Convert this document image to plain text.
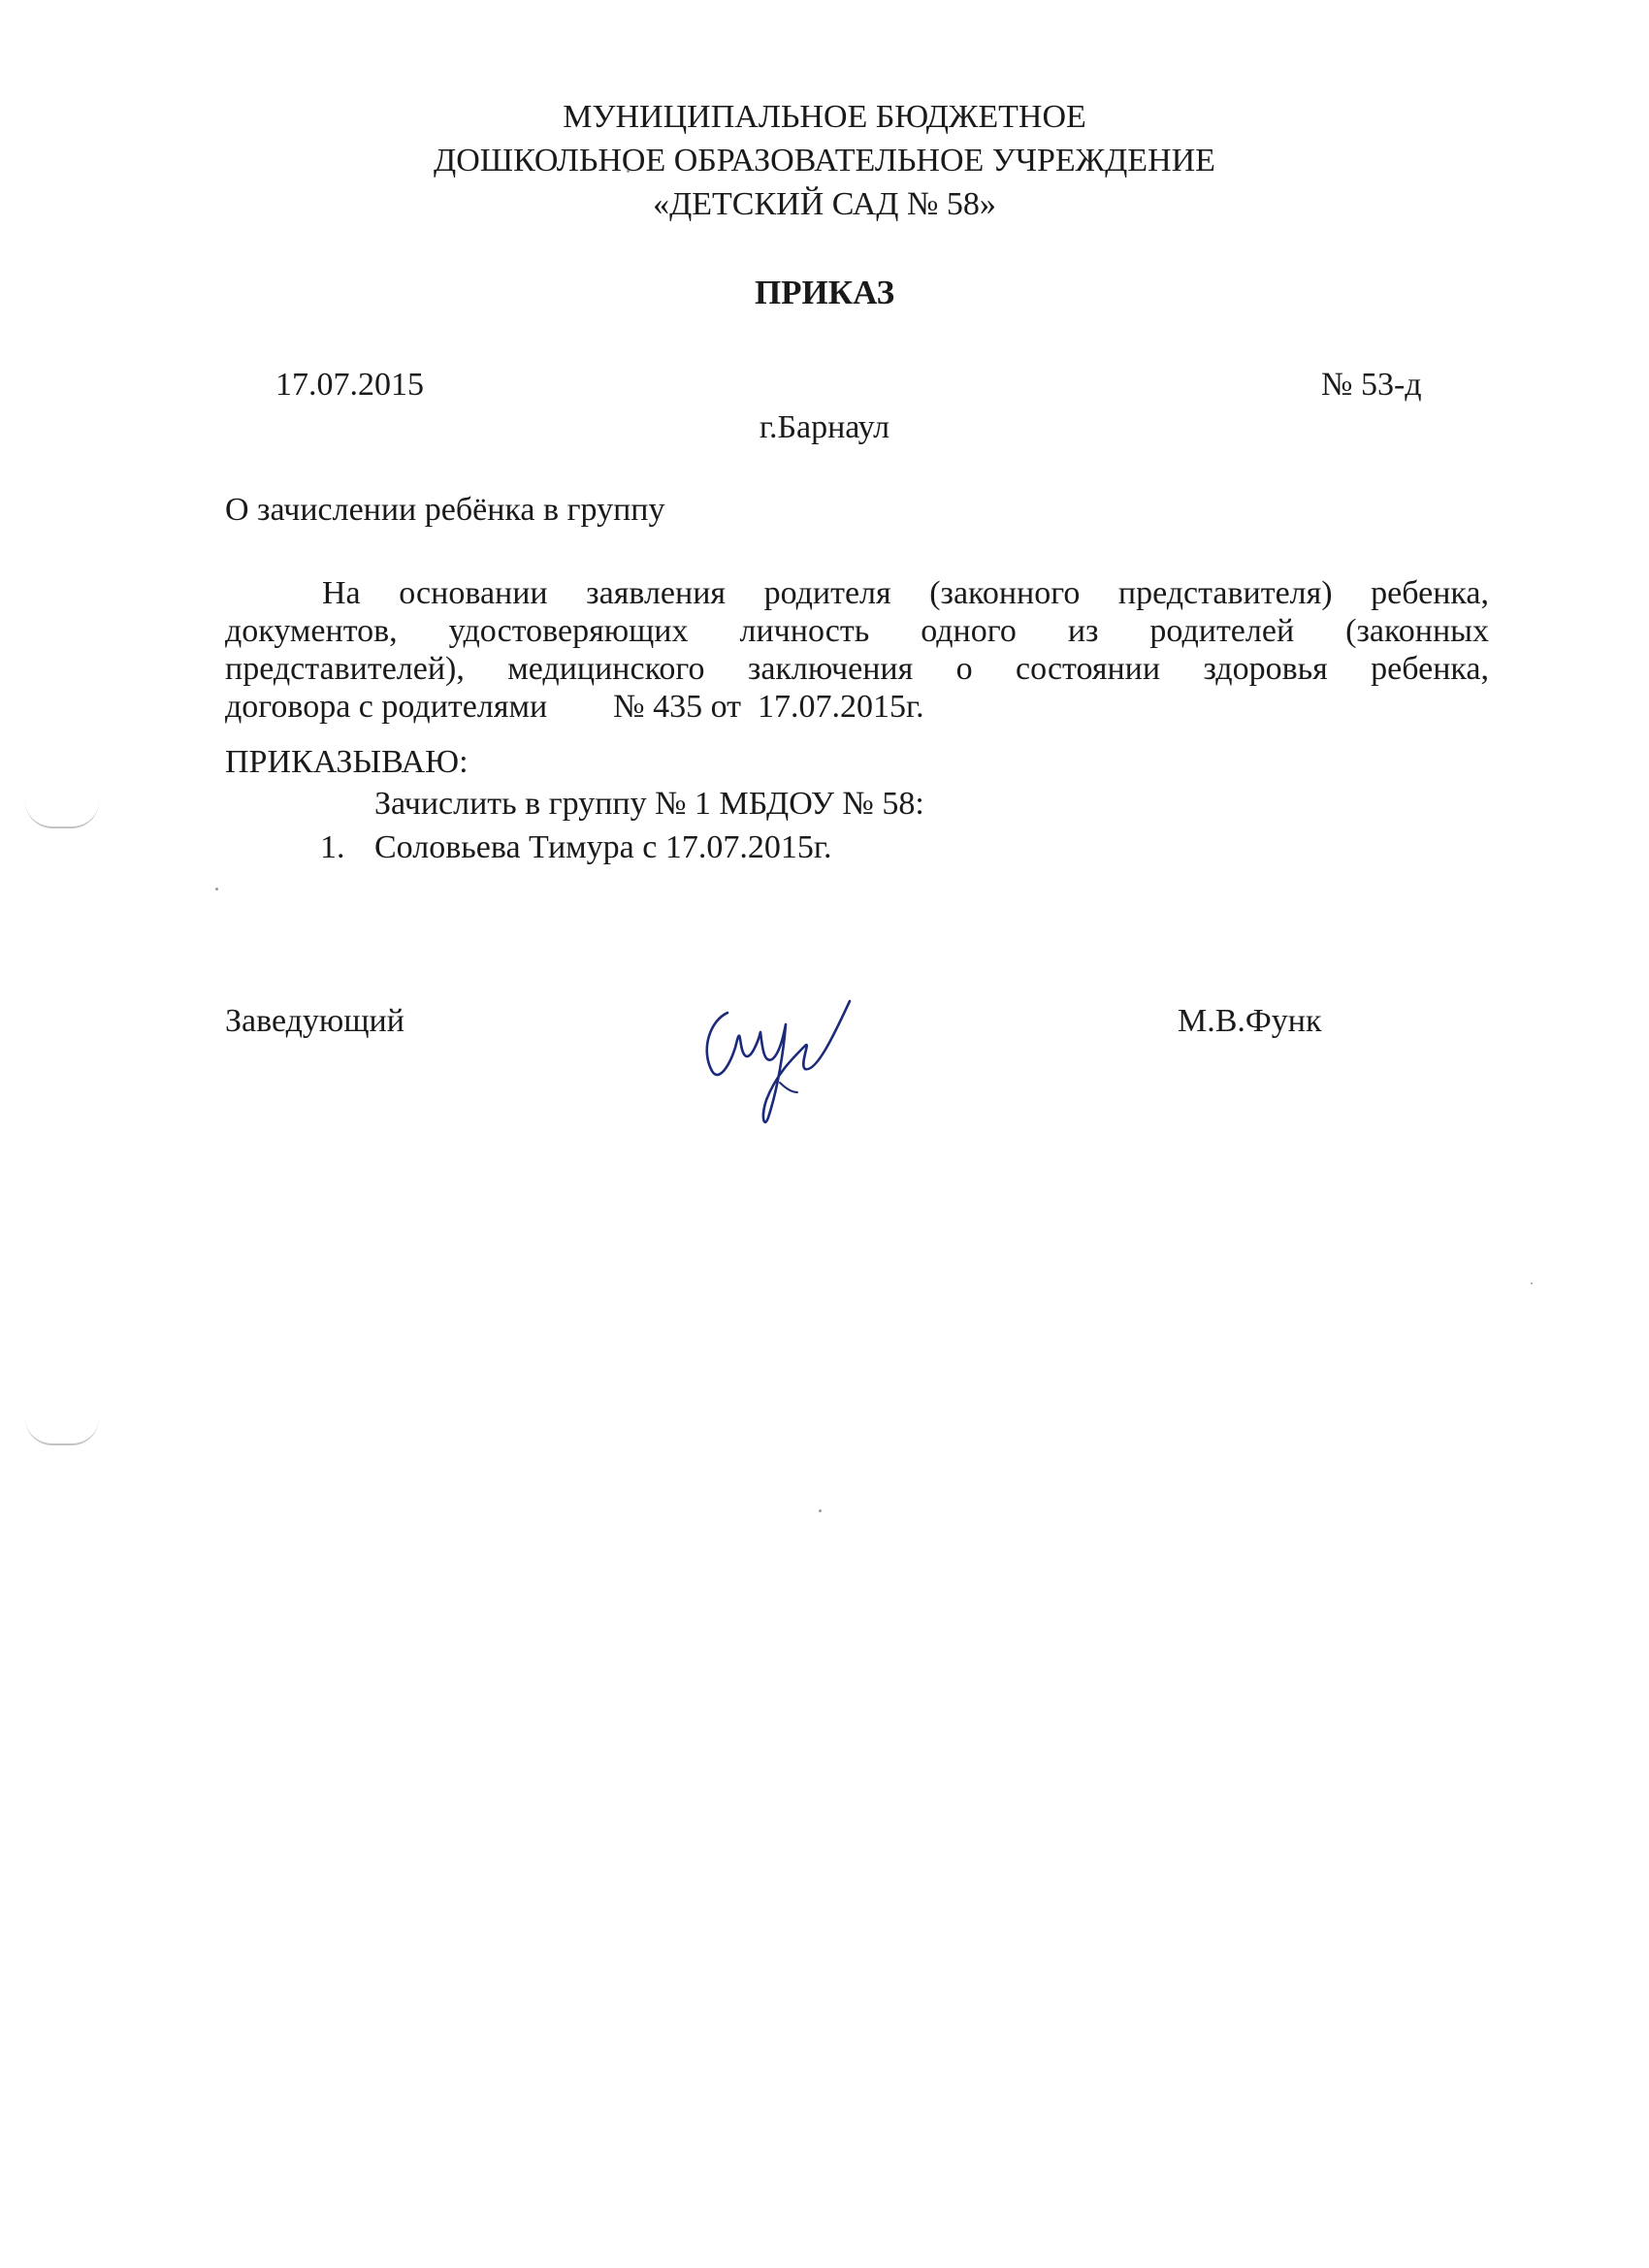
МУНИЦИПАЛЬНОЕ БЮДЖЕТНОЕ
ДОШКОЛЬНОЕ ОБРАЗОВАТЕЛЬНОЕ УЧРЕЖДЕНИЕ
«ДЕТСКИЙ САД № 58»
ПРИКАЗ
17.07.2015	№ 53-д
г.Барнаул
О зачислении ребёнка в группу
На основании заявления родителя (законного представителя) ребенка,
документов, удостоверяющих личность одного из родителей (законных
представителей), медицинского заключения о состоянии здоровья ребенка,
договора с родителями        № 435 от  17.07.2015г.
ПРИКАЗЫВАЮ:
Зачислить в группу № 1 МБДОУ № 58:
1. Соловьева Тимура с 17.07.2015г.
Заведующий	М.В.Функ
